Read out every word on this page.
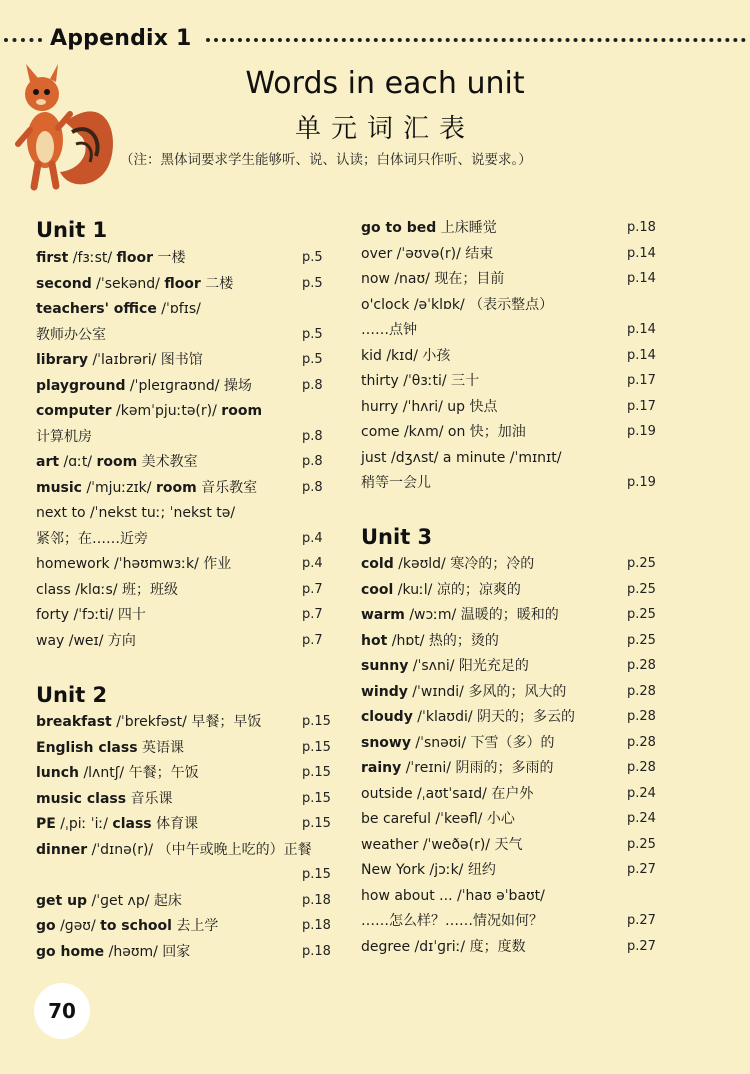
Appendix 1
Words in each unit
单元词汇表
（注：黑体词要求学生能够听、说、认读；白体词只作听、说要求。）
Unit 1
first /fɜːst/ floor 一楼	p.5
second /ˈsekənd/ floor 二楼	p.5
teachers' office /ˈɒfɪs/
教师办公室	p.5
library /ˈlaɪbrəri/ 图书馆	p.5
playground /ˈpleɪɡraʊnd/ 操场	p.8
computer /kəmˈpjuːtə(r)/ room
计算机房	p.8
art /ɑːt/ room 美术教室	p.8
music /ˈmjuːzɪk/ room 音乐教室	p.8
next to /ˈnekst tuː; ˈnekst tə/
紧邻；在……近旁	p.4
homework /ˈhəʊmwɜːk/ 作业	p.4
class /klɑːs/ 班；班级	p.7
forty /ˈfɔːti/ 四十	p.7
way /weɪ/ 方向	p.7
Unit 2
breakfast /ˈbrekfəst/ 早餐；早饭	p.15
English class 英语课	p.15
lunch /lʌntʃ/ 午餐；午饭	p.15
music class 音乐课	p.15
PE /ˌpiː ˈiː/ class 体育课	p.15
dinner /ˈdɪnə(r)/ （中午或晚上吃的）正餐
p.15
get up /ˈɡet ʌp/ 起床	p.18
go /ɡəʊ/ to school 去上学	p.18
go home /həʊm/ 回家	p.18
go to bed 上床睡觉	p.18
over /ˈəʊvə(r)/ 结束	p.14
now /naʊ/ 现在；目前	p.14
o'clock /əˈklɒk/ （表示整点）
……点钟	p.14
kid /kɪd/ 小孩	p.14
thirty /ˈθɜːti/ 三十	p.17
hurry /ˈhʌri/ up 快点	p.17
come /kʌm/ on 快；加油	p.19
just /dʒʌst/ a minute /ˈmɪnɪt/
稍等一会儿	p.19
Unit 3
cold /kəʊld/ 寒冷的；冷的	p.25
cool /kuːl/ 凉的；凉爽的	p.25
warm /wɔːm/ 温暖的；暖和的	p.25
hot /hɒt/ 热的；烫的	p.25
sunny /ˈsʌni/ 阳光充足的	p.28
windy /ˈwɪndi/ 多风的；风大的	p.28
cloudy /ˈklaʊdi/ 阴天的；多云的	p.28
snowy /ˈsnəʊi/ 下雪（多）的	p.28
rainy /ˈreɪni/ 阴雨的；多雨的	p.28
outside /ˌaʊtˈsaɪd/ 在户外	p.24
be careful /ˈkeəfl/ 小心	p.24
weather /ˈweðə(r)/ 天气	p.25
New York /jɔːk/ 纽约	p.27
how about ... /ˈhaʊ əˈbaʊt/
……怎么样？……情况如何？	p.27
degree /dɪˈɡriː/ 度；度数	p.27
70
